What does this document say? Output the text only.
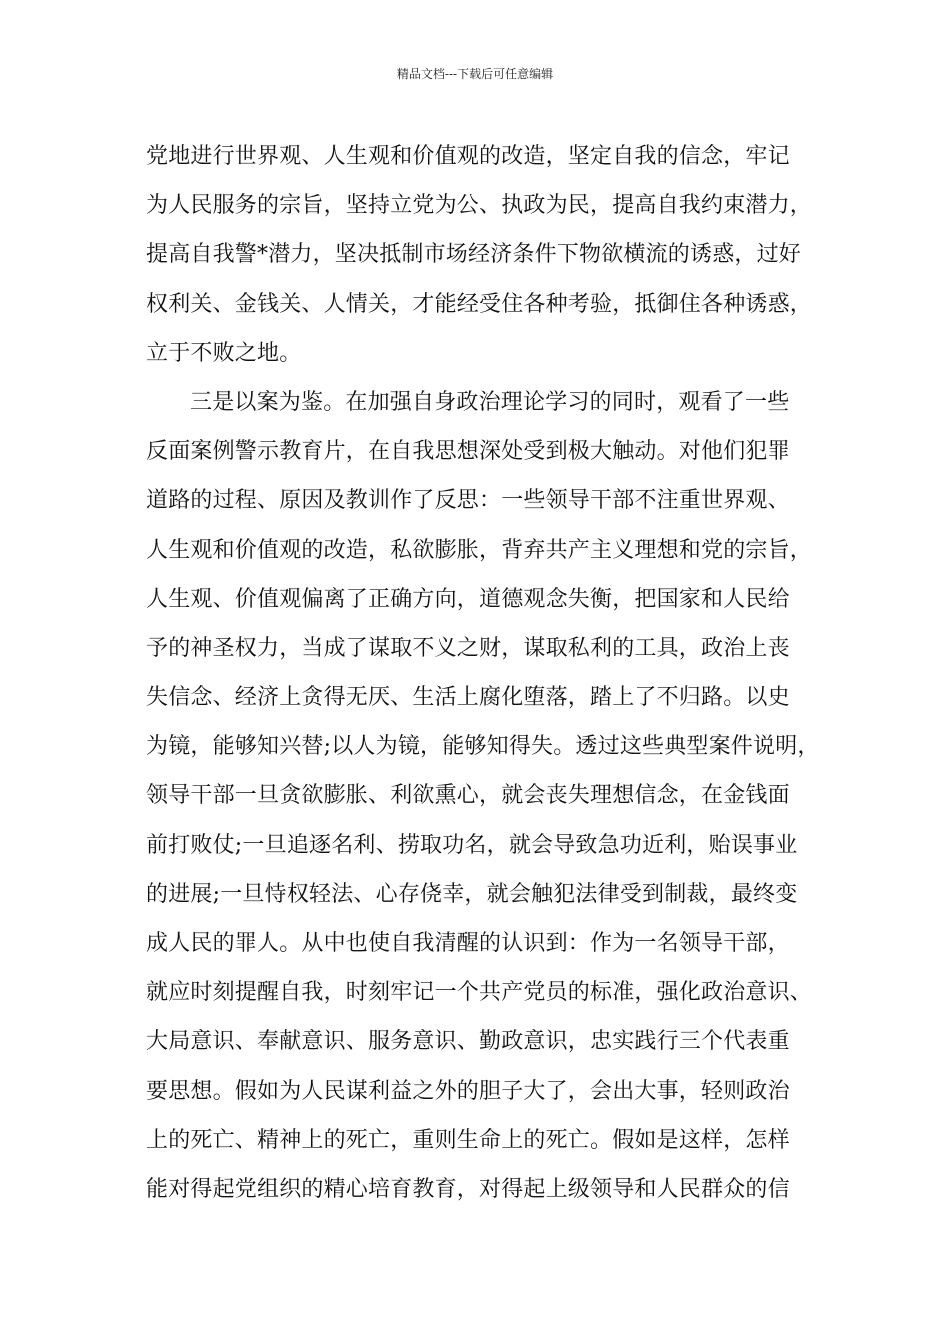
精品文档---下载后可任意编辑
党地进行世界观、人生观和价值观的改造，坚定自我的信念，牢记
为人民服务的宗旨，坚持立党为公、执政为民，提高自我约束潜力，
提高自我警*潜力，坚决抵制市场经济条件下物欲横流的诱惑，过好
权利关、金钱关、人情关，才能经受住各种考验，抵御住各种诱惑，
立于不败之地。
三是以案为鉴。在加强自身政治理论学习的同时，观看了一些
反面案例警示教育片，在自我思想深处受到极大触动。对他们犯罪
道路的过程、原因及教训作了反思：一些领导干部不注重世界观、
人生观和价值观的改造，私欲膨胀，背弃共产主义理想和党的宗旨，
人生观、价值观偏离了正确方向，道德观念失衡，把国家和人民给
予的神圣权力，当成了谋取不义之财，谋取私利的工具，政治上丧
失信念、经济上贪得无厌、生活上腐化堕落，踏上了不归路。以史
为镜，能够知兴替;以人为镜，能够知得失。透过这些典型案件说明，
领导干部一旦贪欲膨胀、利欲熏心，就会丧失理想信念，在金钱面
前打败仗;一旦追逐名利、捞取功名，就会导致急功近利，贻误事业
的进展;一旦恃权轻法、心存侥幸，就会触犯法律受到制裁，最终变
成人民的罪人。从中也使自我清醒的认识到：作为一名领导干部，
就应时刻提醒自我，时刻牢记一个共产党员的标准，强化政治意识、
大局意识、奉献意识、服务意识、勤政意识，忠实践行三个代表重
要思想。假如为人民谋利益之外的胆子大了，会出大事，轻则政治
上的死亡、精神上的死亡，重则生命上的死亡。假如是这样，怎样
能对得起党组织的精心培育教育，对得起上级领导和人民群众的信
